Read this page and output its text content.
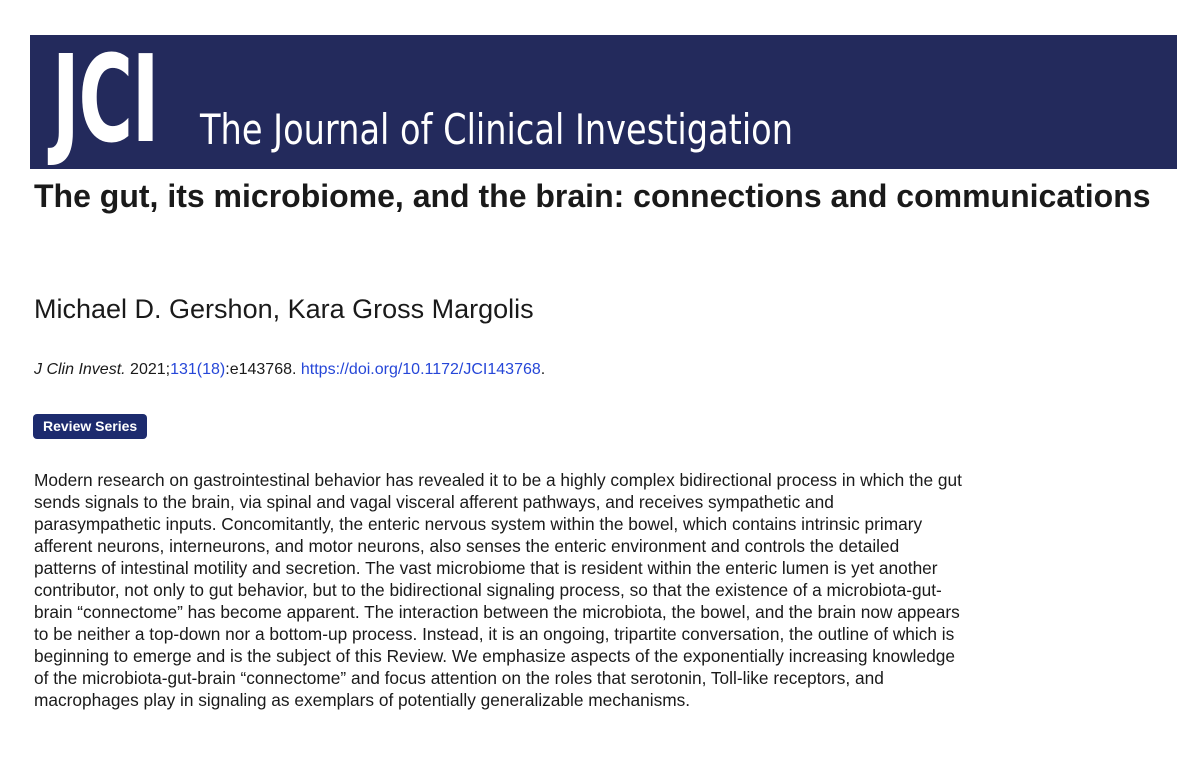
JCI The Journal of Clinical Investigation
The gut, its microbiome, and the brain: connections and communications
Michael D. Gershon, Kara Gross Margolis
J Clin Invest. 2021;131(18):e143768. https://doi.org/10.1172/JCI143768.
Review Series
Modern research on gastrointestinal behavior has revealed it to be a highly complex bidirectional process in which the gut
sends signals to the brain, via spinal and vagal visceral afferent pathways, and receives sympathetic and
parasympathetic inputs. Concomitantly, the enteric nervous system within the bowel, which contains intrinsic primary
afferent neurons, interneurons, and motor neurons, also senses the enteric environment and controls the detailed
patterns of intestinal motility and secretion. The vast microbiome that is resident within the enteric lumen is yet another
contributor, not only to gut behavior, but to the bidirectional signaling process, so that the existence of a microbiota-gut-
brain “connectome” has become apparent. The interaction between the microbiota, the bowel, and the brain now appears
to be neither a top-down nor a bottom-up process. Instead, it is an ongoing, tripartite conversation, the outline of which is
beginning to emerge and is the subject of this Review. We emphasize aspects of the exponentially increasing knowledge
of the microbiota-gut-brain “connectome” and focus attention on the roles that serotonin, Toll-like receptors, and
macrophages play in signaling as exemplars of potentially generalizable mechanisms.
